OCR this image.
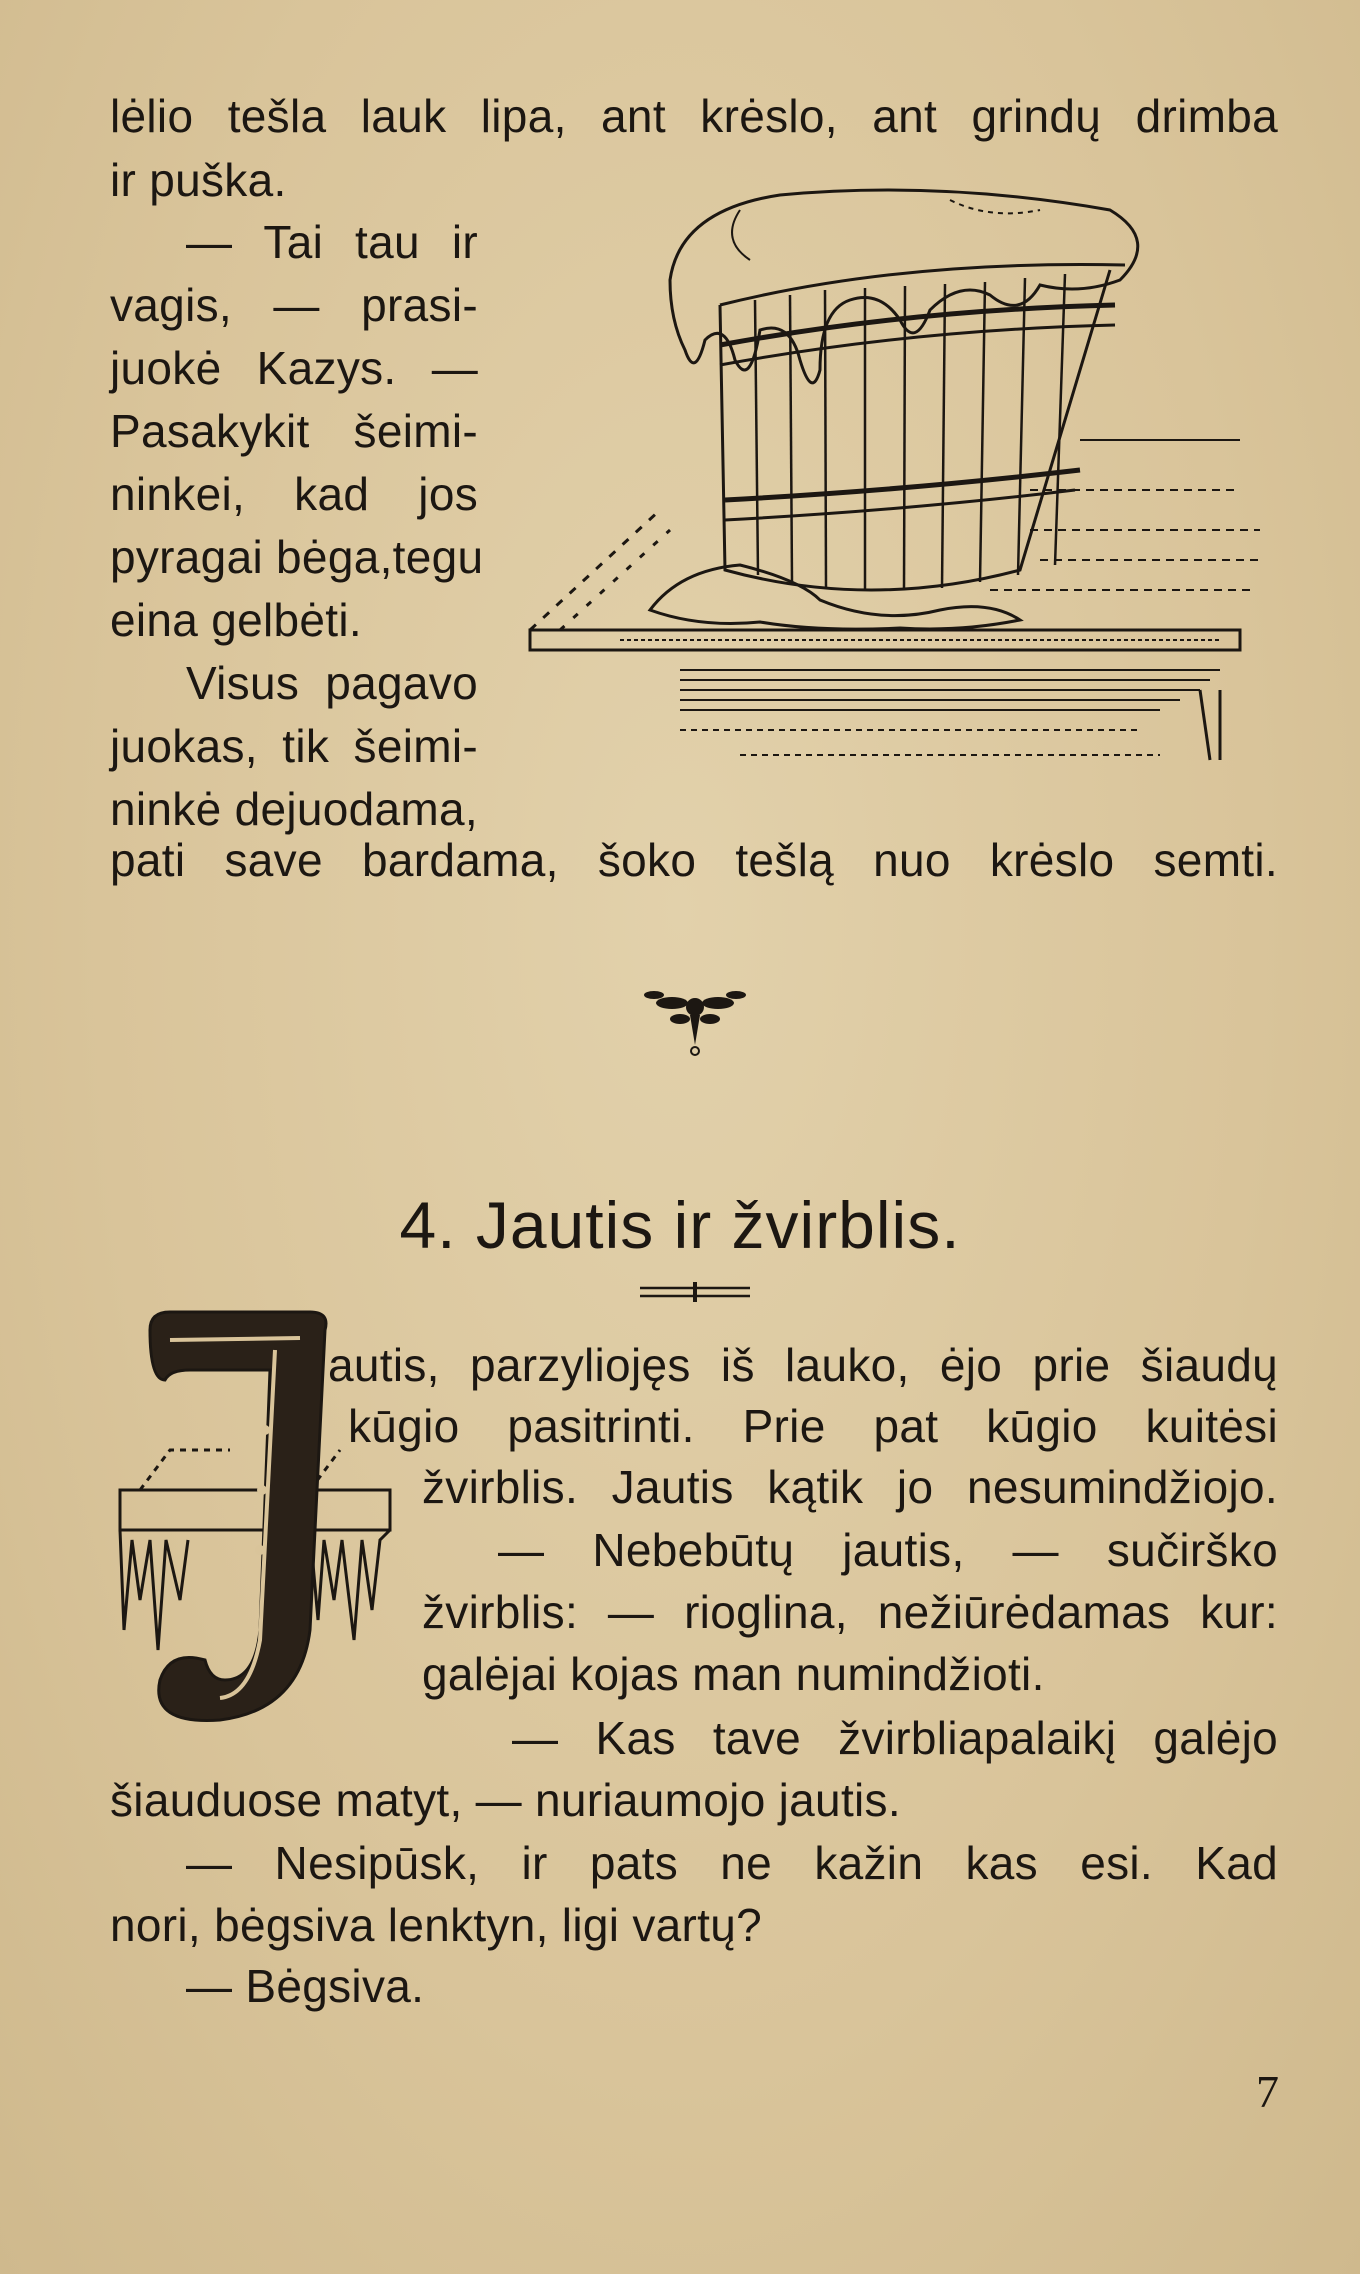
lėlio tešla lauk lipa, ant krėslo, ant grindų drimba
ir puška.
— Tai tau ir
vagis, — prasi-
juokė Kazys. —
Pasakykit šeimi-
ninkei, kad jos
pyragai bėga,tegu
eina gelbėti.
Visus pagavo
juokas, tik šeimi-
ninkė dejuodama,
pati save bardama, šoko tešlą nuo krėslo semti.
4. Jautis ir žvirblis.
J
autis, parzyliojęs iš lauko, ėjo prie šiaudų
kūgio pasitrinti. Prie pat kūgio kuitėsi
žvirblis. Jautis kątik jo nesumindžiojo.
— Nebebūtų jautis, — sučirško
žvirblis: — rioglina, nežiūrėdamas kur:
galėjai kojas man numindžioti.
— Kas tave žvirbliapalaikį galėjo
šiauduose matyt, — nuriaumojo jautis.
— Nesipūsk, ir pats ne kažin kas esi. Kad
nori, bėgsiva lenktyn, ligi vartų?
— Bėgsiva.
7
